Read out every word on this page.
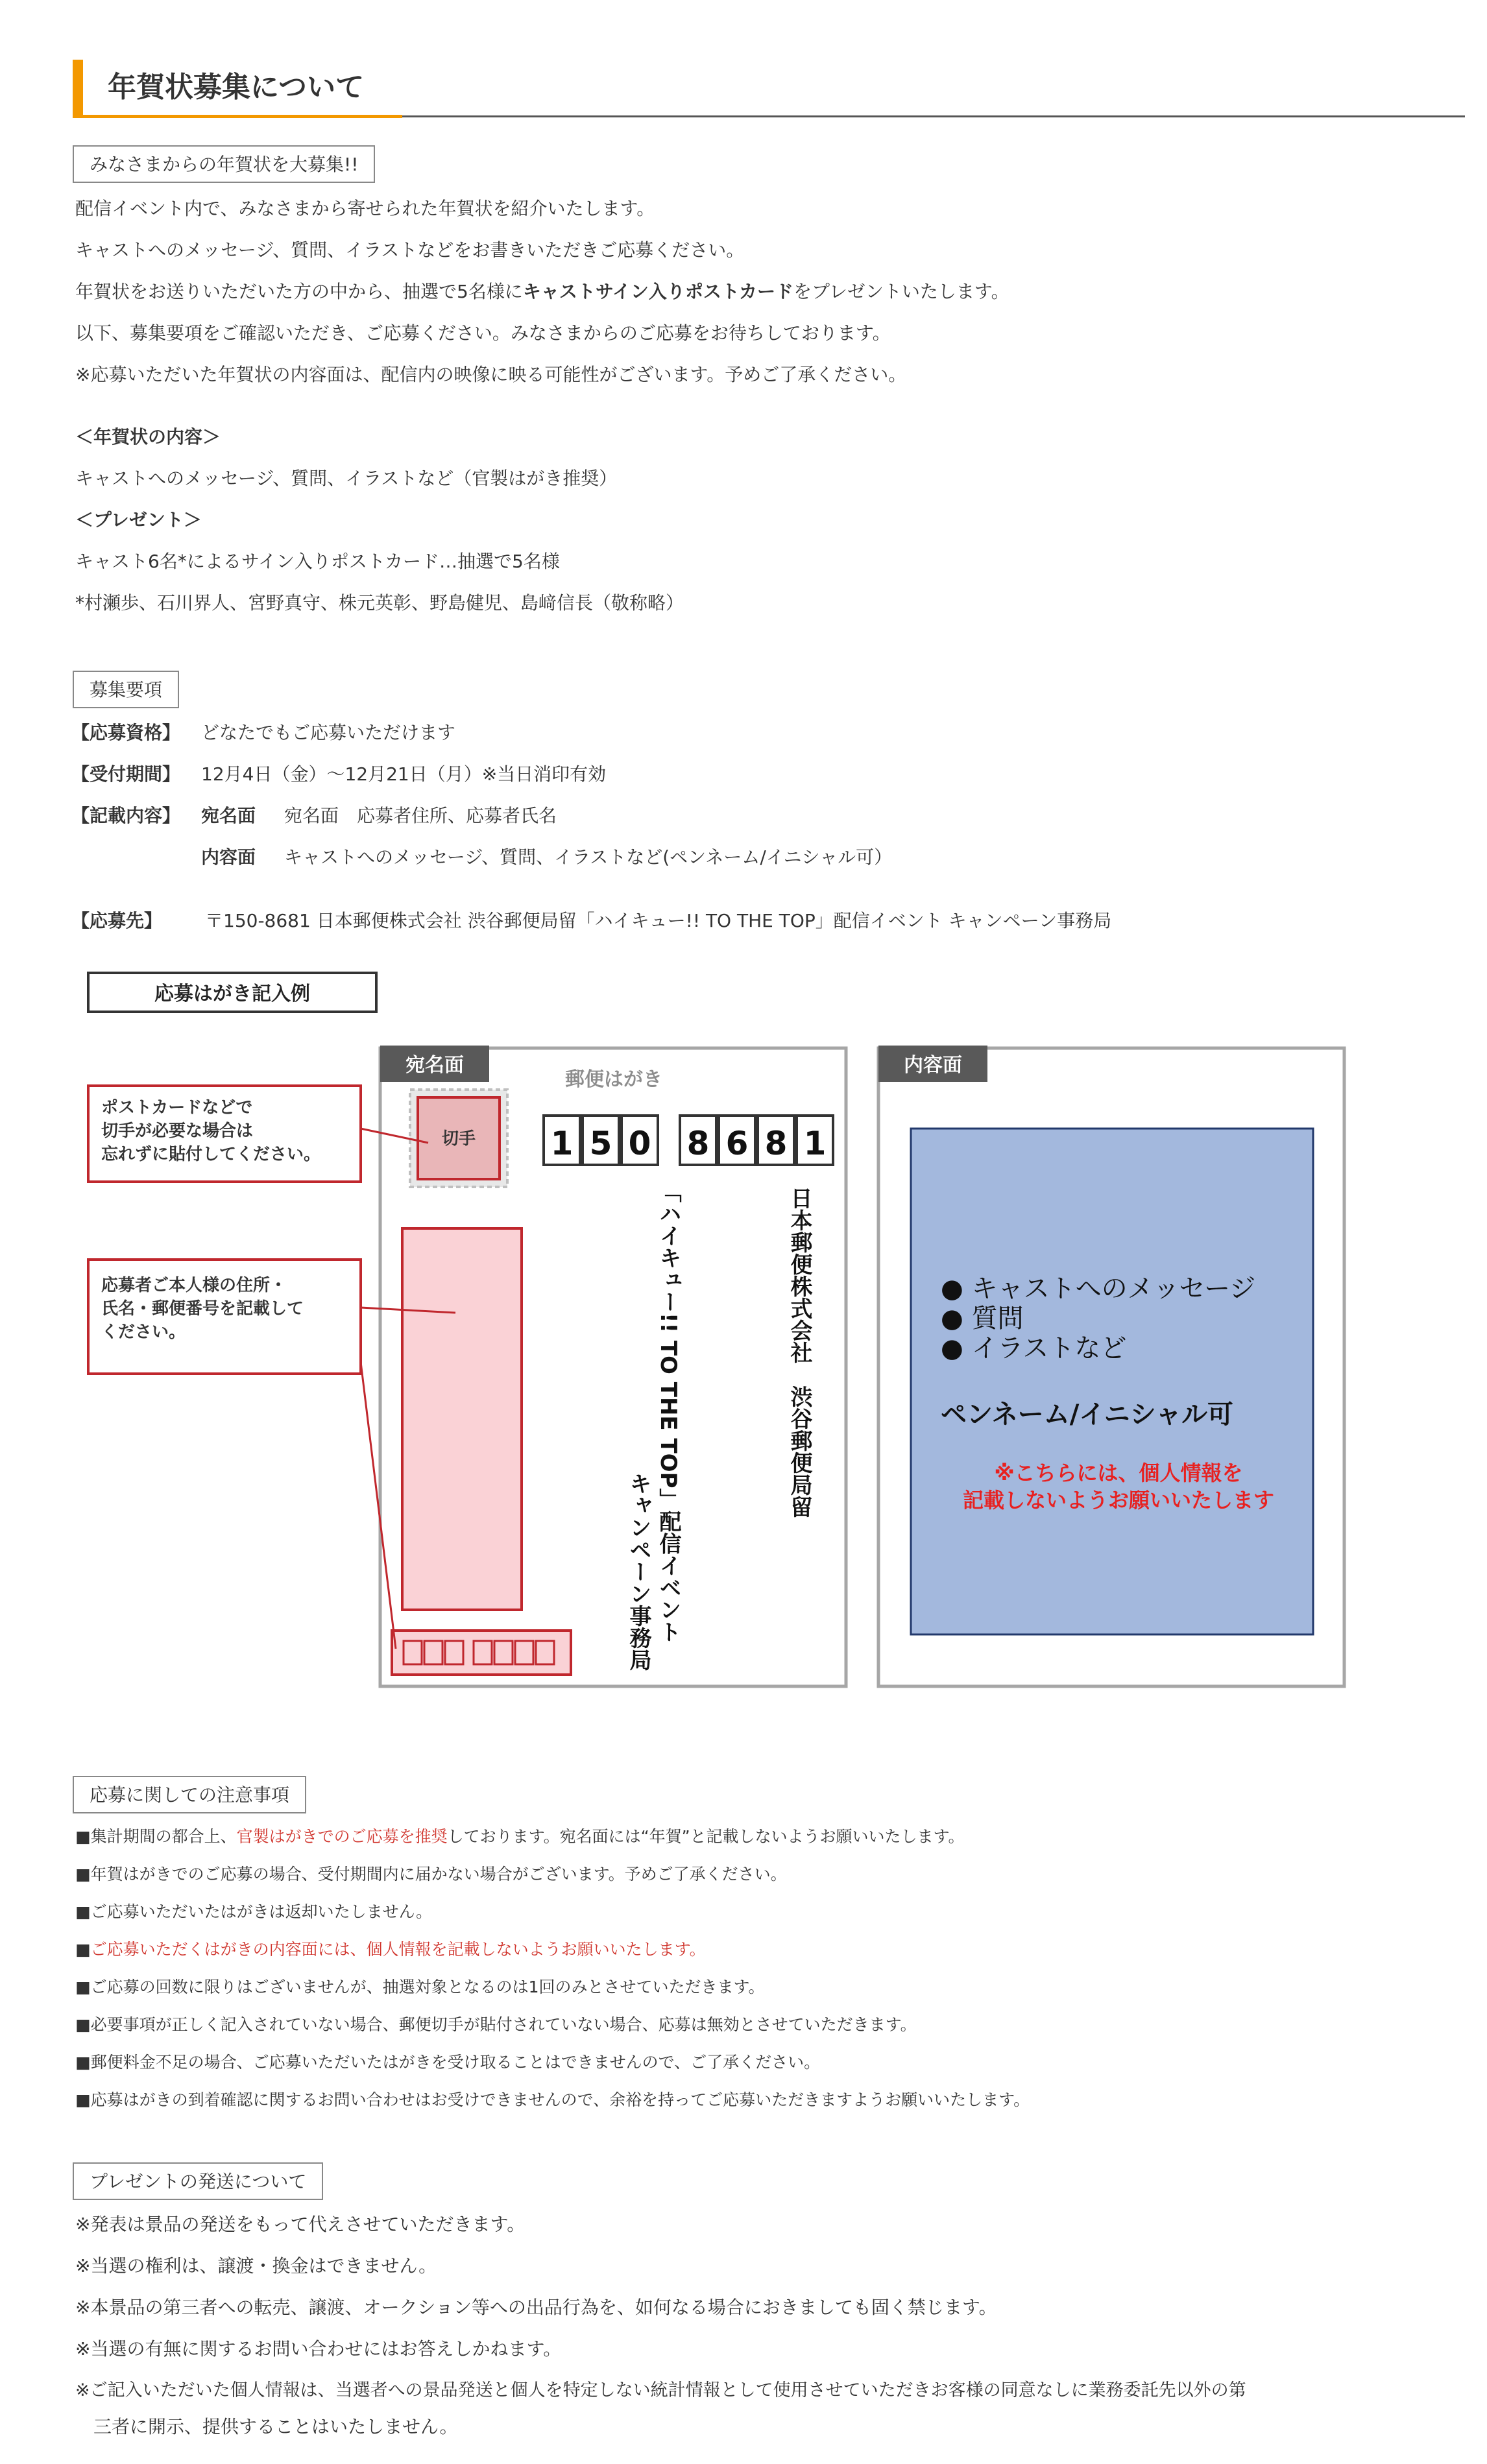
年賀状募集について
みなさまからの年賀状を大募集!!
配信イベント内で、みなさまから寄せられた年賀状を紹介いたします。
キャストへのメッセージ、質問、イラストなどをお書きいただきご応募ください。
年賀状をお送りいただいた方の中から、抽選で5名様にキャストサイン入りポストカードをプレゼントいたします。
以下、募集要項をご確認いただき、ご応募ください。みなさまからのご応募をお待ちしております。
※応募いただいた年賀状の内容面は、配信内の映像に映る可能性がございます。予めご了承ください。
＜年賀状の内容＞
キャストへのメッセージ、質問、イラストなど（官製はがき推奨）
＜プレゼント＞
キャスト6名*によるサイン入りポストカード…抽選で5名様
*村瀬歩、石川界人、宮野真守、株元英彰、野島健児、島﨑信長（敬称略）
募集要項
【応募資格】 どなたでもご応募いただけます
【受付期間】 12月4日（金）〜12月21日（月）※当日消印有効
【記載内容】 宛名面 宛名面　応募者住所、応募者氏名
内容面 キャストへのメッセージ、質問、イラストなど(ペンネーム/イニシャル可）
【応募先】 〒150-8681 日本郵便株式会社 渋谷郵便局留「ハイキュー!! TO THE TOP」配信イベント キャンペーン事務局
応募はがき記入例
宛名面
切手
郵便はがき
1 5 0 8 6 8 1
日本郵便株式会社　渋谷郵便局留
「ハイキュー!! TO THE TOP」配信イベント
キャンペーン事務局
ポストカードなどで
切手が必要な場合は
忘れずに貼付してください。
応募者ご本人様の住所・
氏名・郵便番号を記載して
ください。
内容面
● キャストへのメッセージ
● 質問
● イラストなど
ペンネーム/イニシャル可
※こちらには、個人情報を
記載しないようお願いいたします
応募に関しての注意事項
■集計期間の都合上、官製はがきでのご応募を推奨しております。宛名面には“年賀”と記載しないようお願いいたします。
■年賀はがきでのご応募の場合、受付期間内に届かない場合がございます。予めご了承ください。
■ご応募いただいたはがきは返却いたしません。
■ご応募いただくはがきの内容面には、個人情報を記載しないようお願いいたします。
■ご応募の回数に限りはございませんが、抽選対象となるのは1回のみとさせていただきます。
■必要事項が正しく記入されていない場合、郵便切手が貼付されていない場合、応募は無効とさせていただきます。
■郵便料金不足の場合、ご応募いただいたはがきを受け取ることはできませんので、ご了承ください。
■応募はがきの到着確認に関するお問い合わせはお受けできませんので、余裕を持ってご応募いただきますようお願いいたします。
プレゼントの発送について
※発表は景品の発送をもって代えさせていただきます。
※当選の権利は、譲渡・換金はできません。
※本景品の第三者への転売、譲渡、オークション等への出品行為を、如何なる場合におきましても固く禁じます。
※当選の有無に関するお問い合わせにはお答えしかねます。
※ご記入いただいた個人情報は、当選者への景品発送と個人を特定しない統計情報として使用させていただきお客様の同意なしに業務委託先以外の第
三者に開示、提供することはいたしません。
